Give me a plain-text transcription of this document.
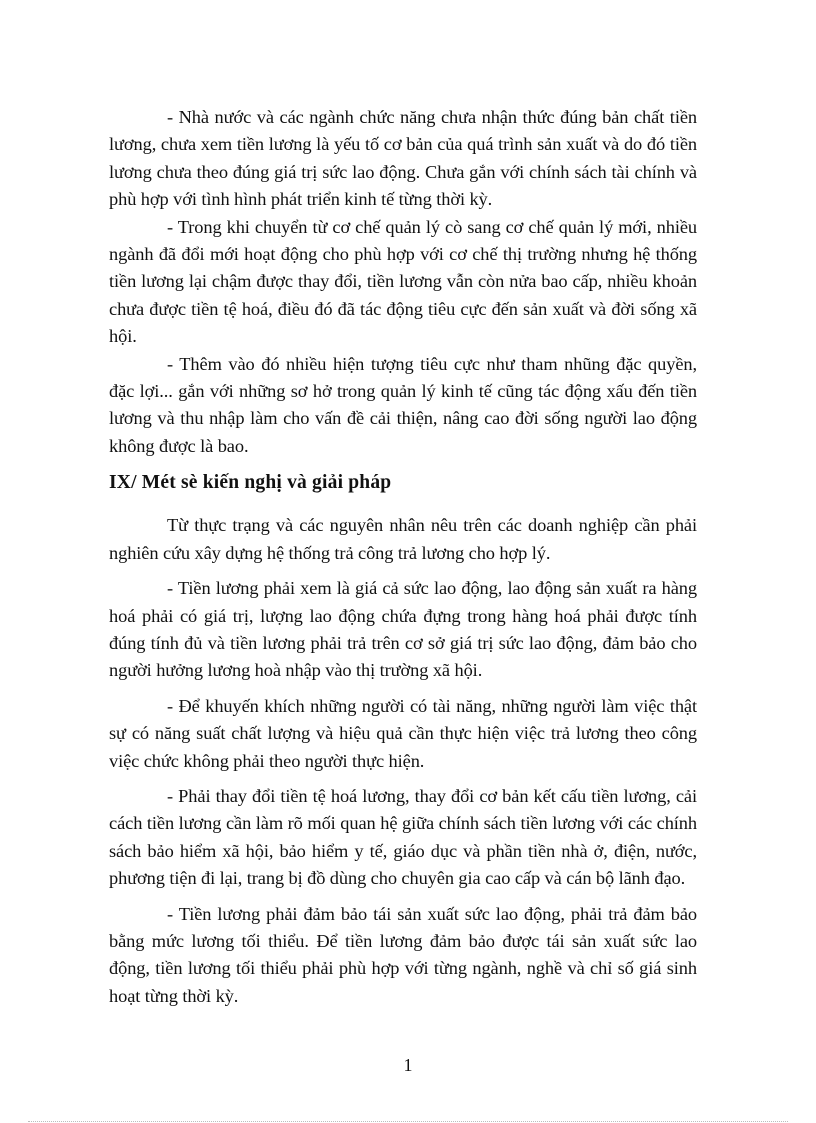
- Nhà nước và các ngành chức năng chưa nhận thức đúng bản chất tiền lương, chưa xem tiền lương là yếu tố cơ bản của quá trình sản xuất và do đó tiền lương chưa theo đúng giá trị sức lao động. Chưa gắn với chính sách tài chính và phù hợp với tình hình phát triển kinh tế từng thời kỳ.

- Trong khi chuyển từ cơ chế quản lý cò sang cơ chế quản lý mới, nhiều ngành đã đổi mới hoạt động cho phù hợp với cơ chế thị trường nhưng hệ thống tiền lương lại chậm được thay đổi, tiền lương vẫn còn nửa bao cấp, nhiều khoản chưa được tiền tệ hoá, điều đó đã tác động tiêu cực đến sản xuất và đời sống xã hội.

- Thêm vào đó nhiều hiện tượng tiêu cực như tham nhũng đặc quyền, đặc lợi... gắn với những sơ hở trong quản lý kinh tế cũng tác động xấu đến tiền lương và thu nhập làm cho vấn đề cải thiện, nâng cao đời sống người lao động không được là bao.

IX/ Mét sè kiến nghị và giải pháp

Từ thực trạng và các nguyên nhân nêu trên các doanh nghiệp cần phải nghiên cứu xây dựng hệ thống trả công trả lương cho hợp lý.

- Tiền lương phải xem là giá cả sức lao động, lao động sản xuất ra hàng hoá phải có giá trị, lượng lao động chứa đựng trong hàng hoá phải được tính đúng tính đủ và tiền lương phải trả trên cơ sở giá trị sức lao động, đảm bảo cho người hưởng lương hoà nhập vào thị trường xã hội.

- Để khuyến khích những người có tài năng, những người làm việc thật sự có năng suất chất lượng và hiệu quả cần thực hiện việc trả lương theo công việc chức không phải theo người thực hiện.

- Phải thay đổi tiền tệ hoá lương, thay đổi cơ bản kết cấu tiền lương, cải cách tiền lương cần làm rõ mối quan hệ giữa chính sách tiền lương với các chính sách bảo hiểm xã hội, bảo hiểm y tế, giáo dục và phần tiền nhà ở, điện, nước, phương tiện đi lại, trang bị đồ dùng cho chuyên gia cao cấp và cán bộ lãnh đạo.

- Tiền lương phải đảm bảo tái sản xuất sức lao động, phải trả đảm bảo bằng mức lương tối thiểu. Để tiền lương đảm bảo được tái sản xuất sức lao động, tiền lương tối thiểu phải phù hợp với từng ngành, nghề và chỉ số giá sinh hoạt từng thời kỳ.

1
